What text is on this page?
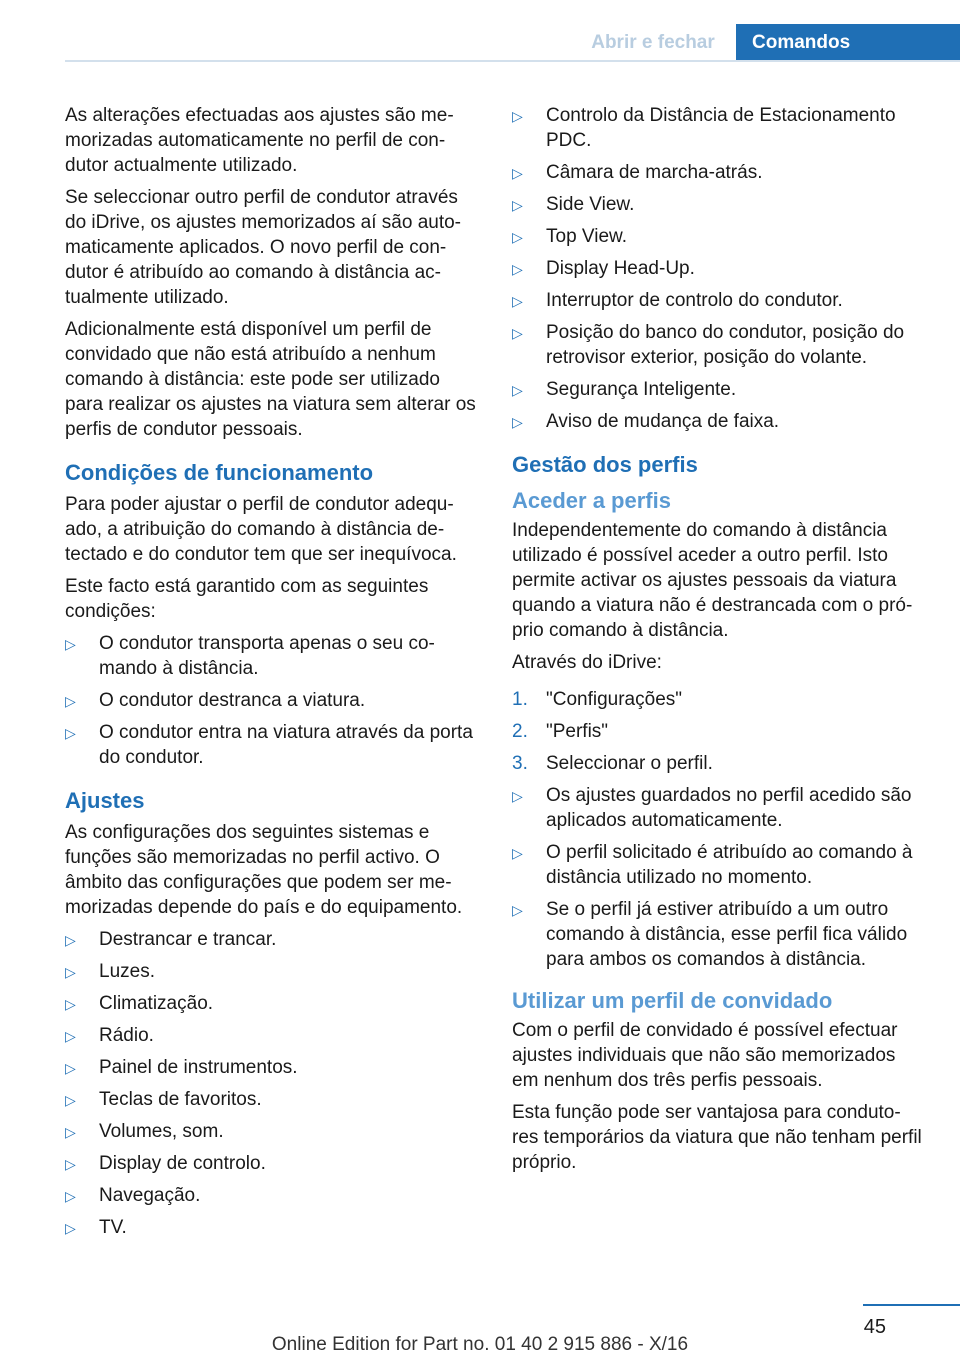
Abrir e fechar	Comandos

As alterações efectuadas aos ajustes são me‐morizadas automaticamente no perfil de con‐dutor actualmente utilizado.

Se seleccionar outro perfil de condutor através do iDrive, os ajustes memorizados aí são auto‐maticamente aplicados. O novo perfil de con‐dutor é atribuído ao comando à distância ac‐tualmente utilizado.

Adicionalmente está disponível um perfil de convidado que não está atribuído a nenhum comando à distância: este pode ser utilizado para realizar os ajustes na viatura sem alterar os perfis de condutor pessoais.

Condições de funcionamento

Para poder ajustar o perfil de condutor adequ‐ado, a atribuição do comando à distância de‐tectado e do condutor tem que ser inequívoca.

Este facto está garantido com as seguintes condições:

▷ O condutor transporta apenas o seu co‐mando à distância.
▷ O condutor destranca a viatura.
▷ O condutor entra na viatura através da porta do condutor.
Ajustes

As configurações dos seguintes sistemas e funções são memorizadas no perfil activo. O âmbito das configurações que podem ser me‐morizadas depende do país e do equipamento.

▷ Destrancar e trancar.
▷ Luzes.
▷ Climatização.
▷ Rádio.
▷ Painel de instrumentos.
▷ Teclas de favoritos.
▷ Volumes, som.
▷ Display de controlo.
▷ Navegação.
▷ TV.
▷ Controlo da Distância de Estacionamento PDC.
▷ Câmara de marcha-atrás.
▷ Side View.
▷ Top View.
▷ Display Head-Up.
▷ Interruptor de controlo do condutor.
▷ Posição do banco do condutor, posição do retrovisor exterior, posição do volante.
▷ Segurança Inteligente.
▷ Aviso de mudança de faixa.
Gestão dos perfis
Aceder a perfis

Independentemente do comando à distância utilizado é possível aceder a outro perfil. Isto permite activar os ajustes pessoais da viatura quando a viatura não é destrancada com o pró‐prio comando à distância.

Através do iDrive:

1. "Configurações"
2. "Perfis"
3. Seleccionar o perfil.
▷ Os ajustes guardados no perfil acedido são aplicados automaticamente.
▷ O perfil solicitado é atribuído ao comando à distância utilizado no momento.
▷ Se o perfil já estiver atribuído a um outro comando à distância, esse perfil fica válido para ambos os comandos à distância.
Utilizar um perfil de convidado

Com o perfil de convidado é possível efectuar ajustes individuais que não são memorizados em nenhum dos três perfis pessoais.

Esta função pode ser vantajosa para conduto‐res temporários da viatura que não tenham perfil próprio.

45
Online Edition for Part no. 01 40 2 915 886 - X/16
